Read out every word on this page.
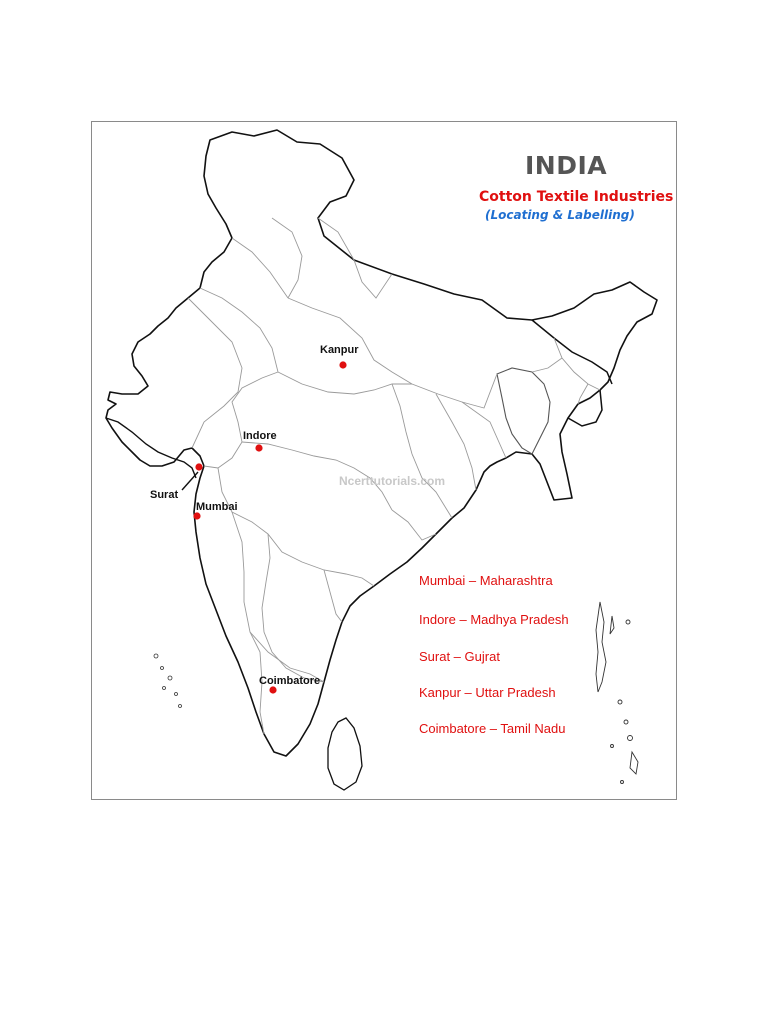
INDIA
Cotton Textile Industries
(Locating & Labelling)
Kanpur
Indore
Surat
Mumbai
Coimbatore
Ncerttutorials.com
Mumbai – Maharashtra
Indore – Madhya Pradesh
Surat – Gujrat
Kanpur – Uttar Pradesh
Coimbatore – Tamil Nadu
